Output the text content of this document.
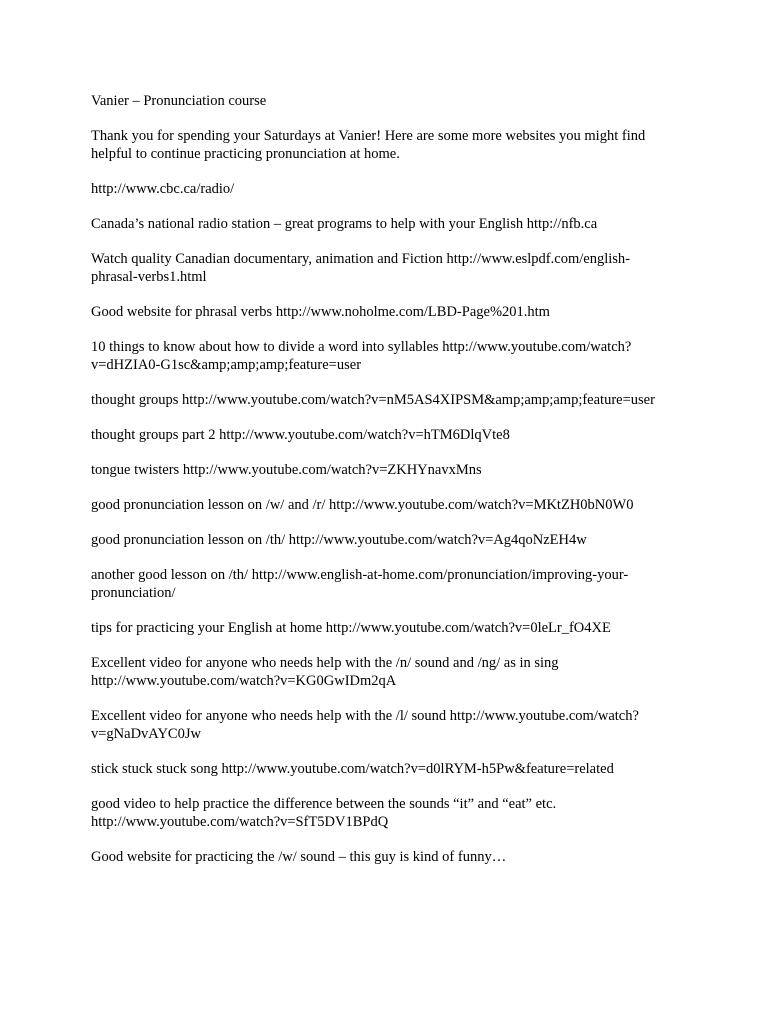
Vanier – Pronunciation course

Thank you for spending your Saturdays at Vanier! Here are some more websites you might find
helpful to continue practicing pronunciation at home.

http://www.cbc.ca/radio/

Canada’s national radio station – great programs to help with your English http://nfb.ca

Watch quality Canadian documentary, animation and Fiction http://www.eslpdf.com/english-
phrasal-verbs1.html

Good website for phrasal verbs http://www.noholme.com/LBD-Page%201.htm

10 things to know about how to divide a word into syllables http://www.youtube.com/watch?
v=dHZIA0-G1sc&amp;amp;amp;feature=user

thought groups http://www.youtube.com/watch?v=nM5AS4XIPSM&amp;amp;amp;feature=user

thought groups part 2 http://www.youtube.com/watch?v=hTM6DlqVte8

tongue twisters http://www.youtube.com/watch?v=ZKHYnavxMns

good pronunciation lesson on /w/ and /r/ http://www.youtube.com/watch?v=MKtZH0bN0W0

good pronunciation lesson on /th/ http://www.youtube.com/watch?v=Ag4qoNzEH4w

another good lesson on /th/ http://www.english-at-home.com/pronunciation/improving-your-
pronunciation/

tips for practicing your English at home http://www.youtube.com/watch?v=0leLr_fO4XE

Excellent video for anyone who needs help with the /n/ sound and /ng/ as in sing
http://www.youtube.com/watch?v=KG0GwIDm2qA

Excellent video for anyone who needs help with the /l/ sound http://www.youtube.com/watch?
v=gNaDvAYC0Jw

stick stuck stuck song http://www.youtube.com/watch?v=d0lRYM-h5Pw&feature=related

good video to help practice the difference between the sounds “it” and “eat” etc.
http://www.youtube.com/watch?v=SfT5DV1BPdQ

Good website for practicing the /w/ sound – this guy is kind of funny…
